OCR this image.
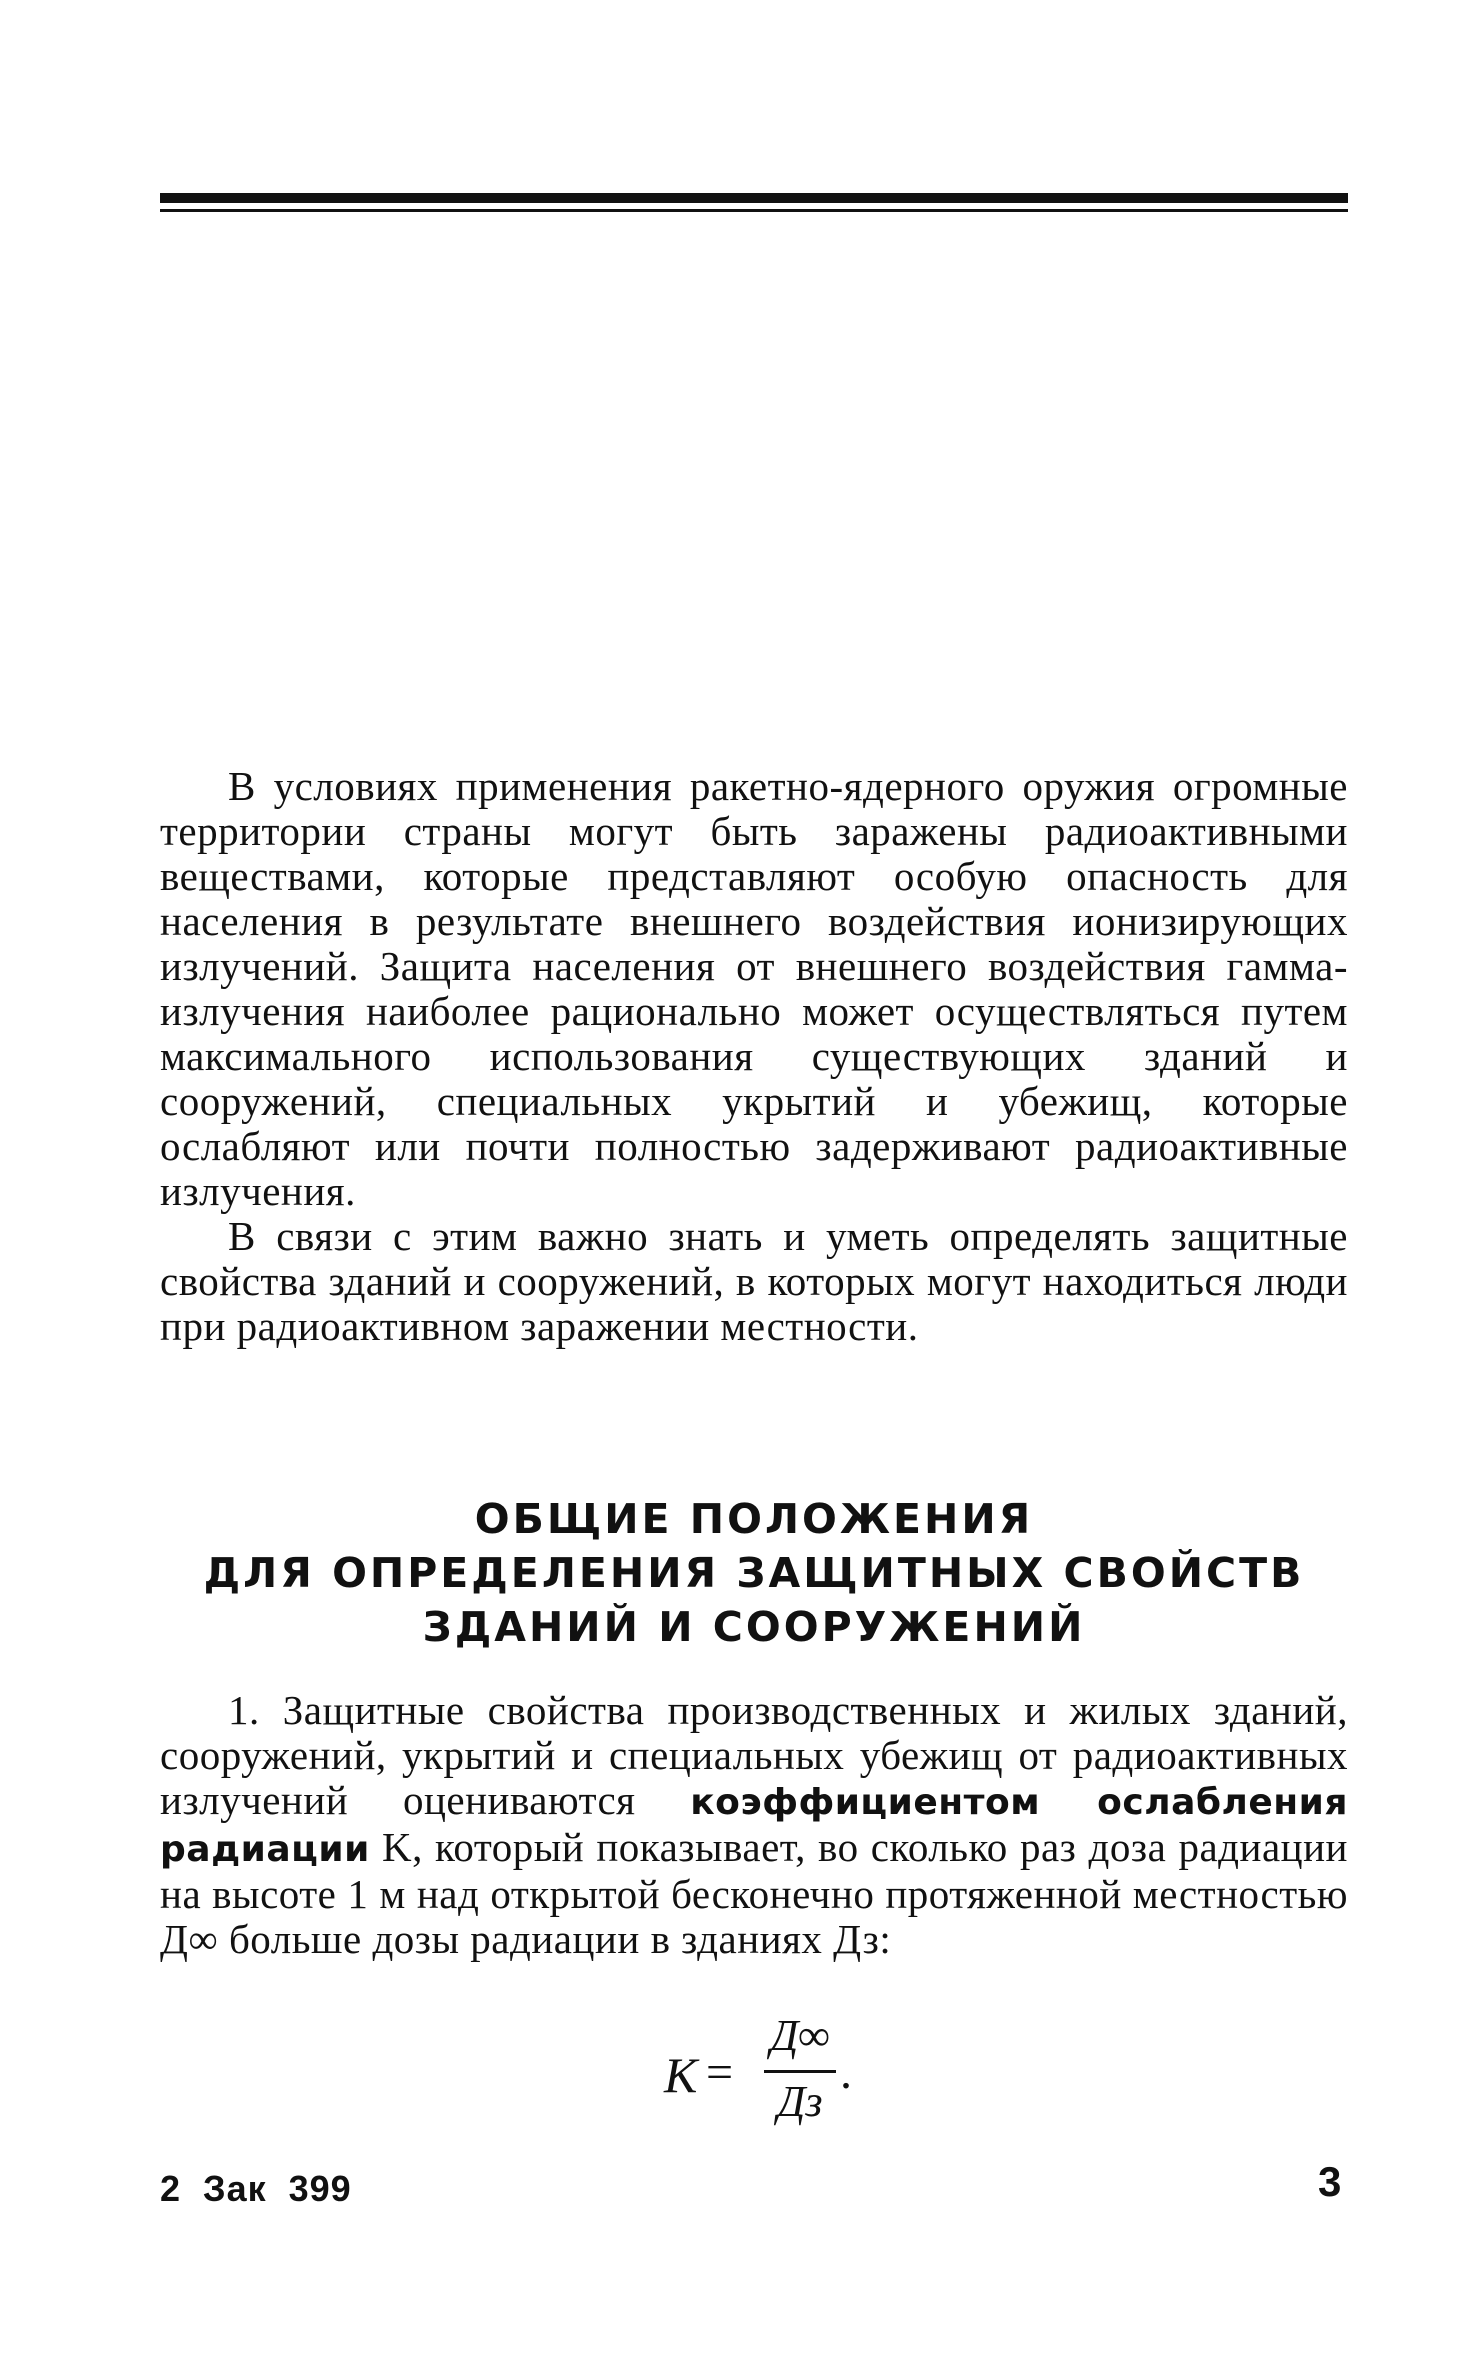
В условиях применения ракетно-ядерного оружия огромные территории страны могут быть заражены радиоактивными веществами, которые представляют особую опасность для населения в результате внешнего воздействия ионизирующих излучений. Защита населения от внешнего воздействия гамма-излучения наиболее рационально может осуществляться путем максимального использования существующих зданий и сооружений, специальных укрытий и убежищ, которые ослабляют или почти полностью задерживают радиоактивные излучения.

В связи с этим важно знать и уметь определять защитные свойства зданий и сооружений, в которых могут находиться люди при радиоактивном заражении местности.

ОБЩИЕ ПОЛОЖЕНИЯ
ДЛЯ ОПРЕДЕЛЕНИЯ ЗАЩИТНЫХ СВОЙСТВ
ЗДАНИЙ И СООРУЖЕНИЙ

1. Защитные свойства производственных и жилых зданий, сооружений, укрытий и специальных убежищ от радиоактивных излучений оцениваются коэффициентом ослабления радиации K, который показывает, во сколько раз доза радиации на высоте 1 м над открытой бесконечно протяженной местностью Д∞ больше дозы радиации в зданиях Дз:

K =
Д∞
Дз
.
2 Зак 399	3
